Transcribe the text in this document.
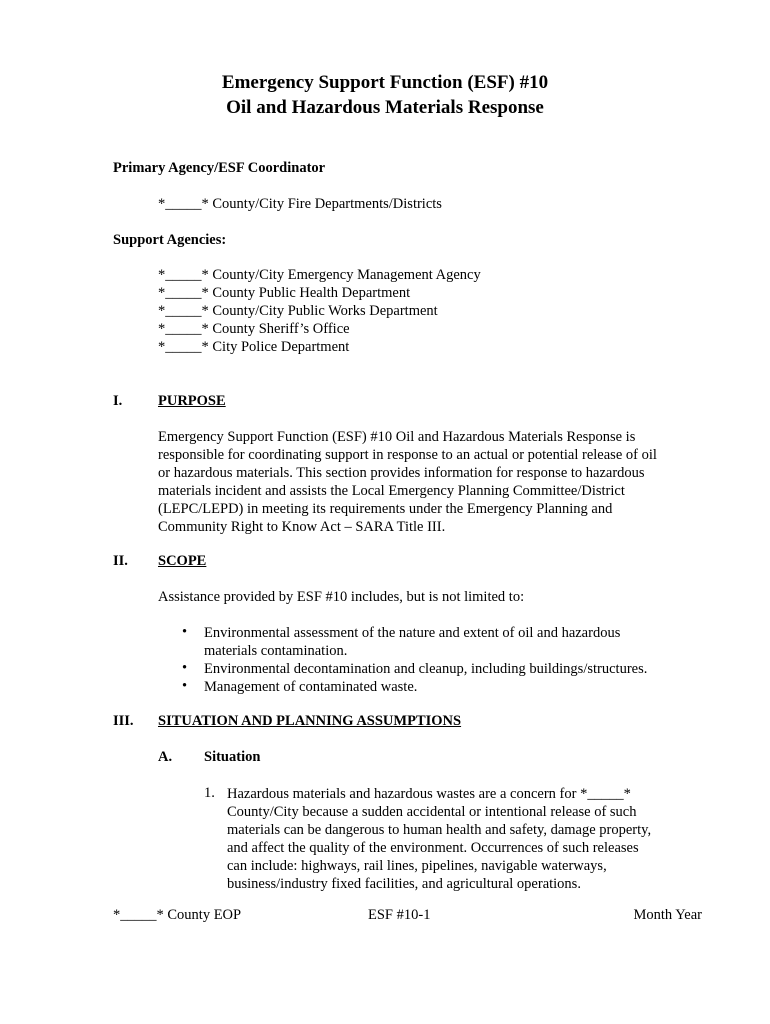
Emergency Support Function (ESF) #10
Oil and Hazardous Materials Response
Primary Agency/ESF Coordinator
*_____* County/City Fire Departments/Districts
Support Agencies:
*_____* County/City Emergency Management Agency
*_____* County Public Health Department
*_____* County/City Public Works Department
*_____* County Sheriff’s Office
*_____* City Police Department
I. PURPOSE
Emergency Support Function (ESF) #10 Oil and Hazardous Materials Response is
responsible for coordinating support in response to an actual or potential release of oil
or hazardous materials. This section provides information for response to hazardous
materials incident and assists the Local Emergency Planning Committee/District
(LEPC/LEPD) in meeting its requirements under the Emergency Planning and
Community Right to Know Act – SARA Title III.
II. SCOPE
Assistance provided by ESF #10 includes, but is not limited to:
• Environmental assessment of the nature and extent of oil and hazardous
materials contamination.
• Environmental decontamination and cleanup, including buildings/structures.
• Management of contaminated waste.
III. SITUATION AND PLANNING ASSUMPTIONS
A. Situation
1. Hazardous materials and hazardous wastes are a concern for *_____*
County/City because a sudden accidental or intentional release of such
materials can be dangerous to human health and safety, damage property,
and affect the quality of the environment. Occurrences of such releases
can include: highways, rail lines, pipelines, navigable waterways,
business/industry fixed facilities, and agricultural operations.
*_____* County EOP	ESF #10-1	Month Year
